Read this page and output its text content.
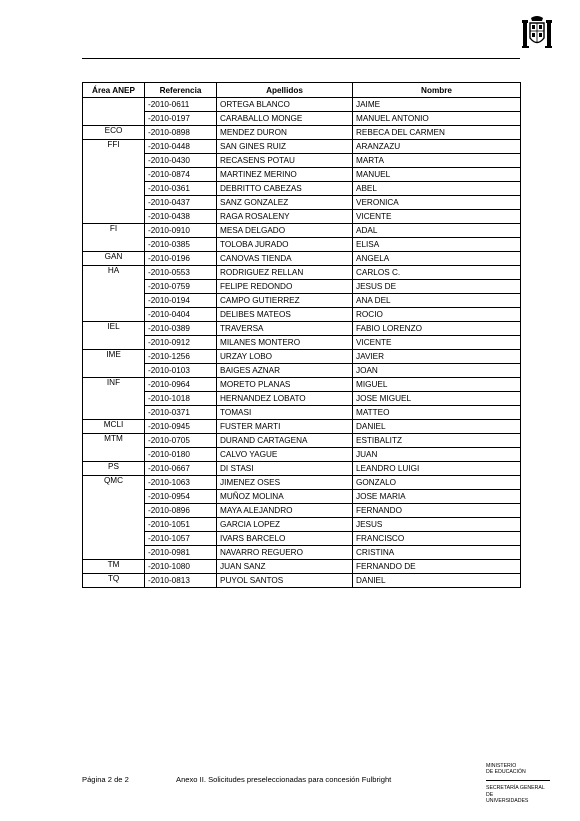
Área ANEP	Referencia	Apellidos	Nombre

	-2010-0611	ORTEGA BLANCO	JAIME

	-2010-0197	CARABALLO MONGE	MANUEL ANTONIO

ECO	-2010-0898	MENDEZ DURON	REBECA DEL CARMEN

FFI	-2010-0448	SAN GINES RUIZ	ARANZAZU

	-2010-0430	RECASENS POTAU	MARTA

	-2010-0874	MARTINEZ MERINO	MANUEL

	-2010-0361	DEBRITTO CABEZAS	ABEL

	-2010-0437	SANZ GONZALEZ	VERONICA

	-2010-0438	RAGA ROSALENY	VICENTE

FI	-2010-0910	MESA DELGADO	ADAL

	-2010-0385	TOLOBA JURADO	ELISA

GAN	-2010-0196	CANOVAS TIENDA	ANGELA

HA	-2010-0553	RODRIGUEZ RELLAN	CARLOS C.

	-2010-0759	FELIPE REDONDO	JESUS DE

	-2010-0194	CAMPO GUTIERREZ	ANA DEL

	-2010-0404	DELIBES MATEOS	ROCIO

IEL	-2010-0389	TRAVERSA	FABIO LORENZO

	-2010-0912	MILANES MONTERO	VICENTE

IME	-2010-1256	URZAY LOBO	JAVIER

	-2010-0103	BAIGES AZNAR	JOAN

INF	-2010-0964	MORETO PLANAS	MIGUEL

	-2010-1018	HERNANDEZ LOBATO	JOSE MIGUEL

	-2010-0371	TOMASI	MATTEO

MCLI	-2010-0945	FUSTER MARTI	DANIEL

MTM	-2010-0705	DURAND CARTAGENA	ESTIBALITZ

	-2010-0180	CALVO YAGUE	JUAN

PS	-2010-0667	DI STASI	LEANDRO LUIGI

QMC	-2010-1063	JIMENEZ OSES	GONZALO

	-2010-0954	MUÑOZ MOLINA	JOSE MARIA

	-2010-0896	MAYA ALEJANDRO	FERNANDO

	-2010-1051	GARCIA LOPEZ	JESUS

	-2010-1057	IVARS BARCELO	FRANCISCO

	-2010-0981	NAVARRO REGUERO	CRISTINA

TM	-2010-1080	JUAN SANZ	FERNANDO DE

TQ	-2010-0813	PUYOL SANTOS	DANIEL
Página 2 de 2	Anexo II. Solicitudes preseleccionadas para concesión Fulbright
MINISTERIO
DE EDUCACIÓN
SECRETARÍA GENERAL DE
UNIVERSIDADES
